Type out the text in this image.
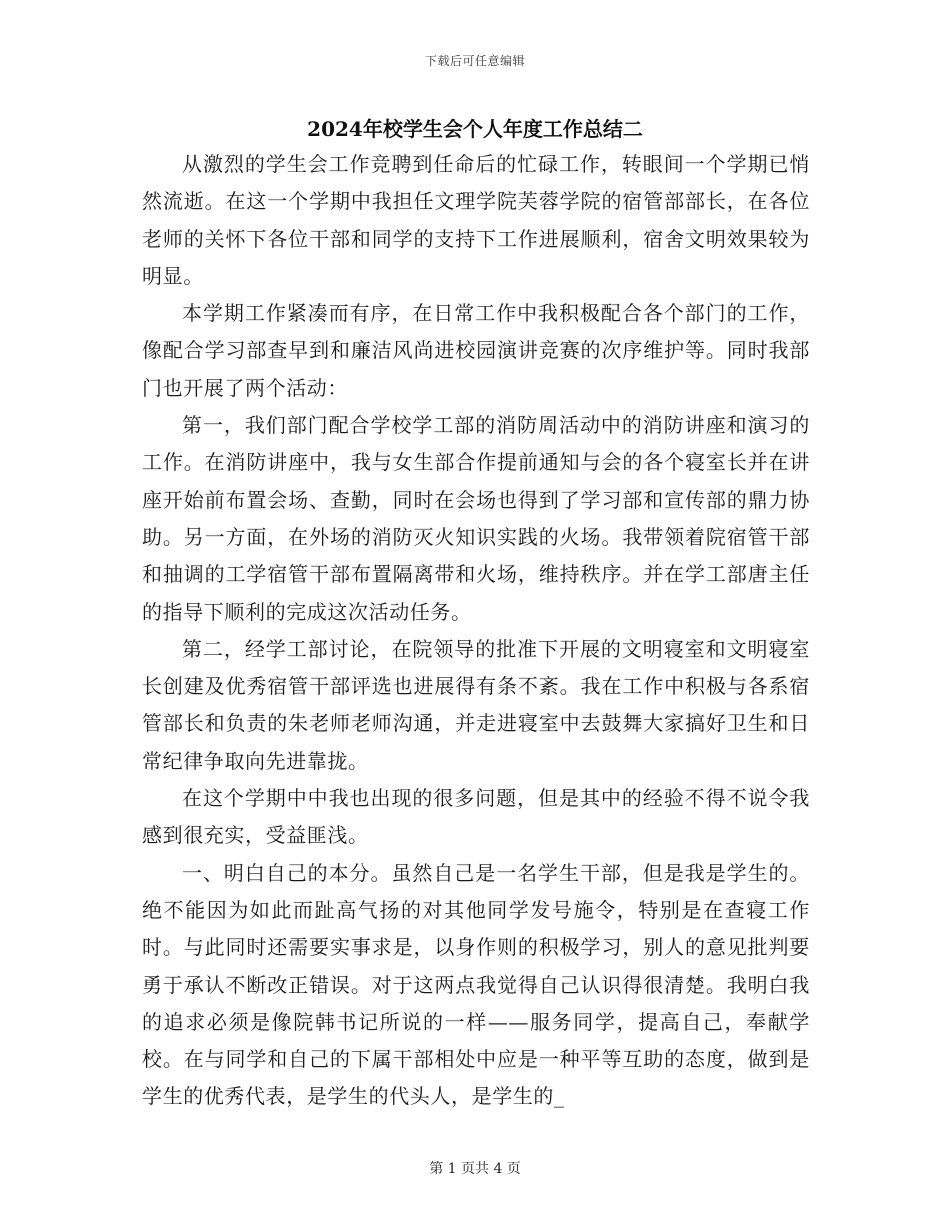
下载后可任意编辑
2024年校学生会个人年度工作总结二

从激烈的学生会工作竞聘到任命后的忙碌工作，转眼间一个学期已悄然流逝。在这一个学期中我担任文理学院芙蓉学院的宿管部部长，在各位老师的关怀下各位干部和同学的支持下工作进展顺利，宿舍文明效果较为明显。

本学期工作紧凑而有序，在日常工作中我积极配合各个部门的工作，像配合学习部查早到和廉洁风尚进校园演讲竞赛的次序维护等。同时我部门也开展了两个活动：

第一，我们部门配合学校学工部的消防周活动中的消防讲座和演习的工作。在消防讲座中，我与女生部合作提前通知与会的各个寝室长并在讲座开始前布置会场、查勤，同时在会场也得到了学习部和宣传部的鼎力协助。另一方面，在外场的消防灭火知识实践的火场。我带领着院宿管干部和抽调的工学宿管干部布置隔离带和火场，维持秩序。并在学工部唐主任的指导下顺利的完成这次活动任务。

第二，经学工部讨论，在院领导的批准下开展的文明寝室和文明寝室长创建及优秀宿管干部评选也进展得有条不紊。我在工作中积极与各系宿管部长和负责的朱老师老师沟通，并走进寝室中去鼓舞大家搞好卫生和日常纪律争取向先进靠拢。

在这个学期中中我也出现的很多问题，但是其中的经验不得不说令我感到很充实，受益匪浅。

一、明白自己的本分。虽然自己是一名学生干部，但是我是学生的。绝不能因为如此而趾高气扬的对其他同学发号施令，特别是在查寝工作时。与此同时还需要实事求是，以身作则的积极学习，别人的意见批判要勇于承认不断改正错误。对于这两点我觉得自己认识得很清楚。我明白我的追求必须是像院韩书记所说的一样——服务同学，提高自己，奉献学校。在与同学和自己的下属干部相处中应是一种平等互助的态度，做到是学生的优秀代表，是学生的代头人，是学生的_

第 1 页共 4 页
